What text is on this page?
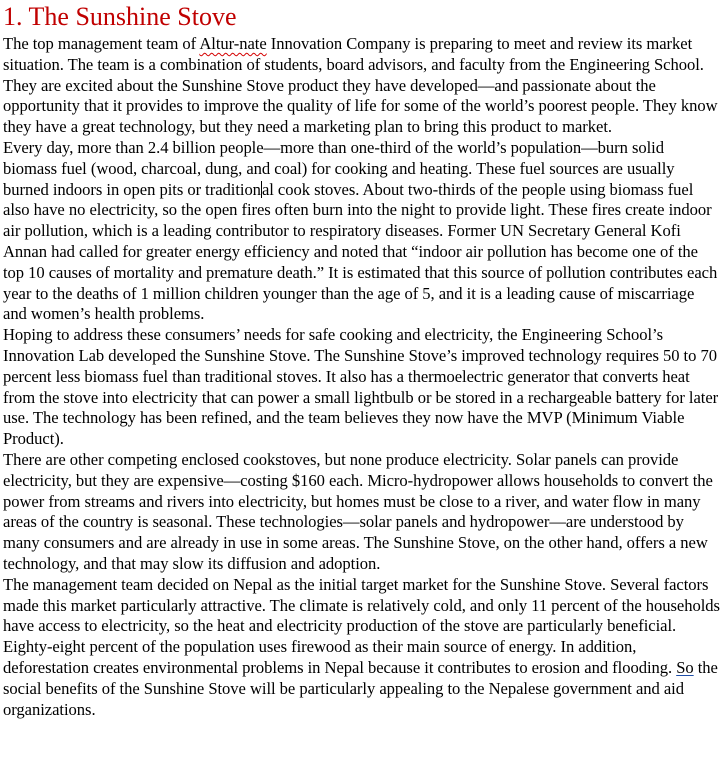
1. The Sunshine Stove

The top management team of Altur-nate Innovation Company is preparing to meet and review its market situation. The team is a combination of students, board advisors, and faculty from the Engineering School. They are excited about the Sunshine Stove product they have developed—and passionate about the opportunity that it provides to improve the quality of life for some of the world’s poorest people. They know they have a great technology, but they need a marketing plan to bring this product to market.

Every day, more than 2.4 billion people—more than one-third of the world’s population—burn solid biomass fuel (wood, charcoal, dung, and coal) for cooking and heating. These fuel sources are usually burned indoors in open pits or traditional cook stoves. About two-thirds of the people using biomass fuel also have no electricity, so the open fires often burn into the night to provide light. These fires create indoor air pollution, which is a leading contributor to respiratory diseases. Former UN Secretary General Kofi Annan had called for greater energy efficiency and noted that “indoor air pollution has become one of the top 10 causes of mortality and premature death.” It is estimated that this source of pollution contributes each year to the deaths of 1 million children younger than the age of 5, and it is a leading cause of miscarriage and women’s health problems.

Hoping to address these consumers’ needs for safe cooking and electricity, the Engineering School’s Innovation Lab developed the Sunshine Stove. The Sunshine Stove’s improved technology requires 50 to 70 percent less biomass fuel than traditional stoves. It also has a thermoelectric generator that converts heat from the stove into electricity that can power a small lightbulb or be stored in a rechargeable battery for later use. The technology has been refined, and the team believes they now have the MVP (Minimum Viable Product).

There are other competing enclosed cookstoves, but none produce electricity. Solar panels can provide electricity, but they are expensive—costing $160 each. Micro-hydropower allows households to convert the power from streams and rivers into electricity, but homes must be close to a river, and water flow in many areas of the country is seasonal. These technologies—solar panels and hydropower—are understood by many consumers and are already in use in some areas. The Sunshine Stove, on the other hand, offers a new technology, and that may slow its diffusion and adoption.

The management team decided on Nepal as the initial target market for the Sunshine Stove. Several factors made this market particularly attractive. The climate is relatively cold, and only 11 percent of the households have access to electricity, so the heat and electricity production of the stove are particularly beneficial. Eighty-eight percent of the population uses firewood as their main source of energy. In addition, deforestation creates environmental problems in Nepal because it contributes to erosion and flooding. So the social benefits of the Sunshine Stove will be particularly appealing to the Nepalese government and aid organizations.
